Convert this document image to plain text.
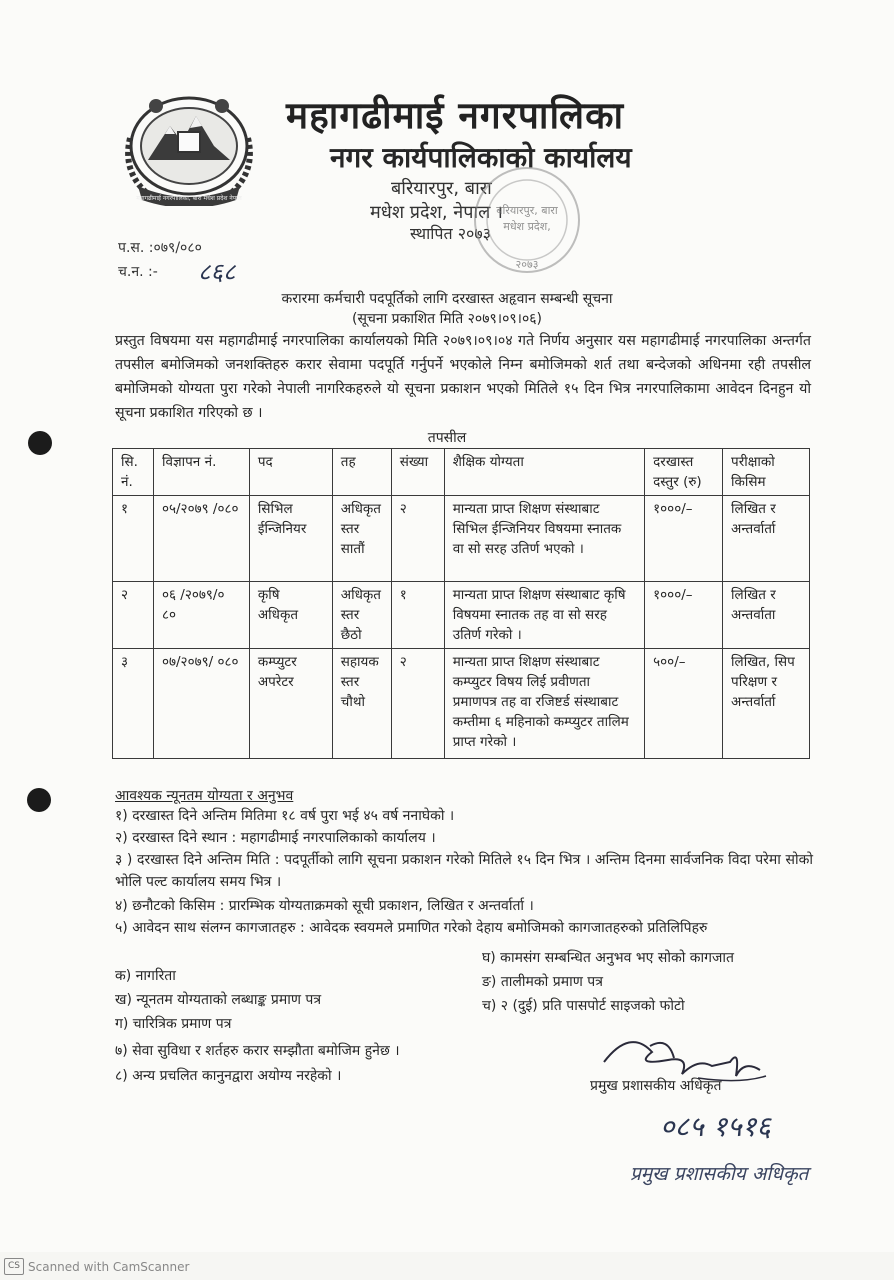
महागढीमाई नगरपालिका, बारा मधेश प्रदेश नेपाल
महागढीमाई नगरपालिका
नगर कार्यपालिकाको कार्यालय
बरियारपुर, बारा
मधेश प्रदेश, नेपाल ।
स्थापित २०७३
बरियारपुर, बारा
मधेश प्रदेश,
२०७३
प.स. :०७९/०८०
च.न. :- ८६८
करारमा कर्मचारी पदपूर्तिको लागि दरखास्त अहृवान सम्बन्धी सूचना
(सूचना प्रकाशित मिति २०७९।०९।०६)
प्रस्तुत विषयमा यस महागढीमाई नगरपालिका कार्यालयको मिति २०७९।०९।०४ गते निर्णय अनुसार यस महागढीमाई नगरपालिका अन्तर्गत तपसील बमोजिमको जनशक्तिहरु करार सेवामा पदपूर्ति गर्नुपर्ने भएकोले निम्न बमोजिमको शर्त तथा बन्देजको अधिनमा रही तपसील बमोजिमको योग्यता पुरा गरेको नेपाली नागरिकहरुले यो सूचना प्रकाशन भएको मितिले १५ दिन भित्र नगरपालिकामा आवेदन दिनहुन यो सूचना प्रकाशित गरिएको छ ।
तपसील
सि. नं.	विज्ञापन नं.	पद	तह	संख्या	शैक्षिक योग्यता	दरखास्त दस्तुर (रु)	परीक्षाको किसिम
१	०५/२०७९ /०८०	सिभिल ईन्जिनियर	अधिकृत स्तर सातौं	२	मान्यता प्राप्त शिक्षण संस्थाबाट सिभिल ईन्जिनियर विषयमा स्नातक वा सो सरह उतिर्ण भएको ।	१०००/–	लिखित र अन्तर्वार्ता
२	०६ /२०७९/० ८०	कृषि अधिकृत	अधिकृत स्तर छैठो	१	मान्यता प्राप्त शिक्षण संस्थाबाट कृषि विषयमा स्नातक तह वा सो सरह उतिर्ण गरेको ।	१०००/–	लिखित र अन्तर्वाता
३	०७/२०७९/ ०८०	कम्प्युटर अपरेटर	सहायक स्तर चौथो	२	मान्यता प्राप्त शिक्षण संस्थाबाट कम्प्युटर विषय लिई प्रवीणता प्रमाणपत्र तह वा रजिष्टर्ड संस्थाबाट कम्तीमा ६ महिनाको कम्प्युटर तालिम प्राप्त गरेको ।	५००/–	लिखित, सिप परिक्षण र अन्तर्वार्ता
आवश्यक न्यूनतम योग्यता र अनुभव
१) दरखास्त दिने अन्तिम मितिमा १८ वर्ष पुरा भई ४५ वर्ष ननाघेको ।
२) दरखास्त दिने स्थान : महागढीमाई नगरपालिकाको कार्यालय ।
३ ) दरखास्त दिने अन्तिम मिति : पदपूर्तीको लागि सूचना प्रकाशन गरेको मितिले १५ दिन भित्र । अन्तिम दिनमा सार्वजनिक विदा परेमा सोको भोलि पल्ट कार्यालय समय भित्र ।
४) छनौटको किसिम : प्रारम्भिक योग्यताक्रमको सूची प्रकाशन, लिखित र अन्तर्वार्ता ।
५) आवेदन साथ संलग्न कागजातहरु : आवेदक स्वयमले प्रमाणित गरेको देहाय बमोजिमको कागजातहरुको प्रतिलिपिहरु
क) नागरिता
ख) न्यूनतम योग्यताको लब्धाङ्क प्रमाण पत्र
ग) चारित्रिक प्रमाण पत्र
७) सेवा सुविधा र शर्तहरु करार सम्झौता बमोजिम हुनेछ ।
८) अन्य प्रचलित कानुनद्वारा अयोग्य नरहेको ।
घ) कामसंग सम्बन्धित अनुभव भए सोको कागजात
ङ) तालीमको प्रमाण पत्र
च) २ (दुई) प्रति पासपोर्ट साइजको फोटो
०८५ १५१६
प्रमुख प्रशासकीय अधिकृत
प्रमुख प्रशासकीय अधिकृत
CS Scanned with CamScanner
